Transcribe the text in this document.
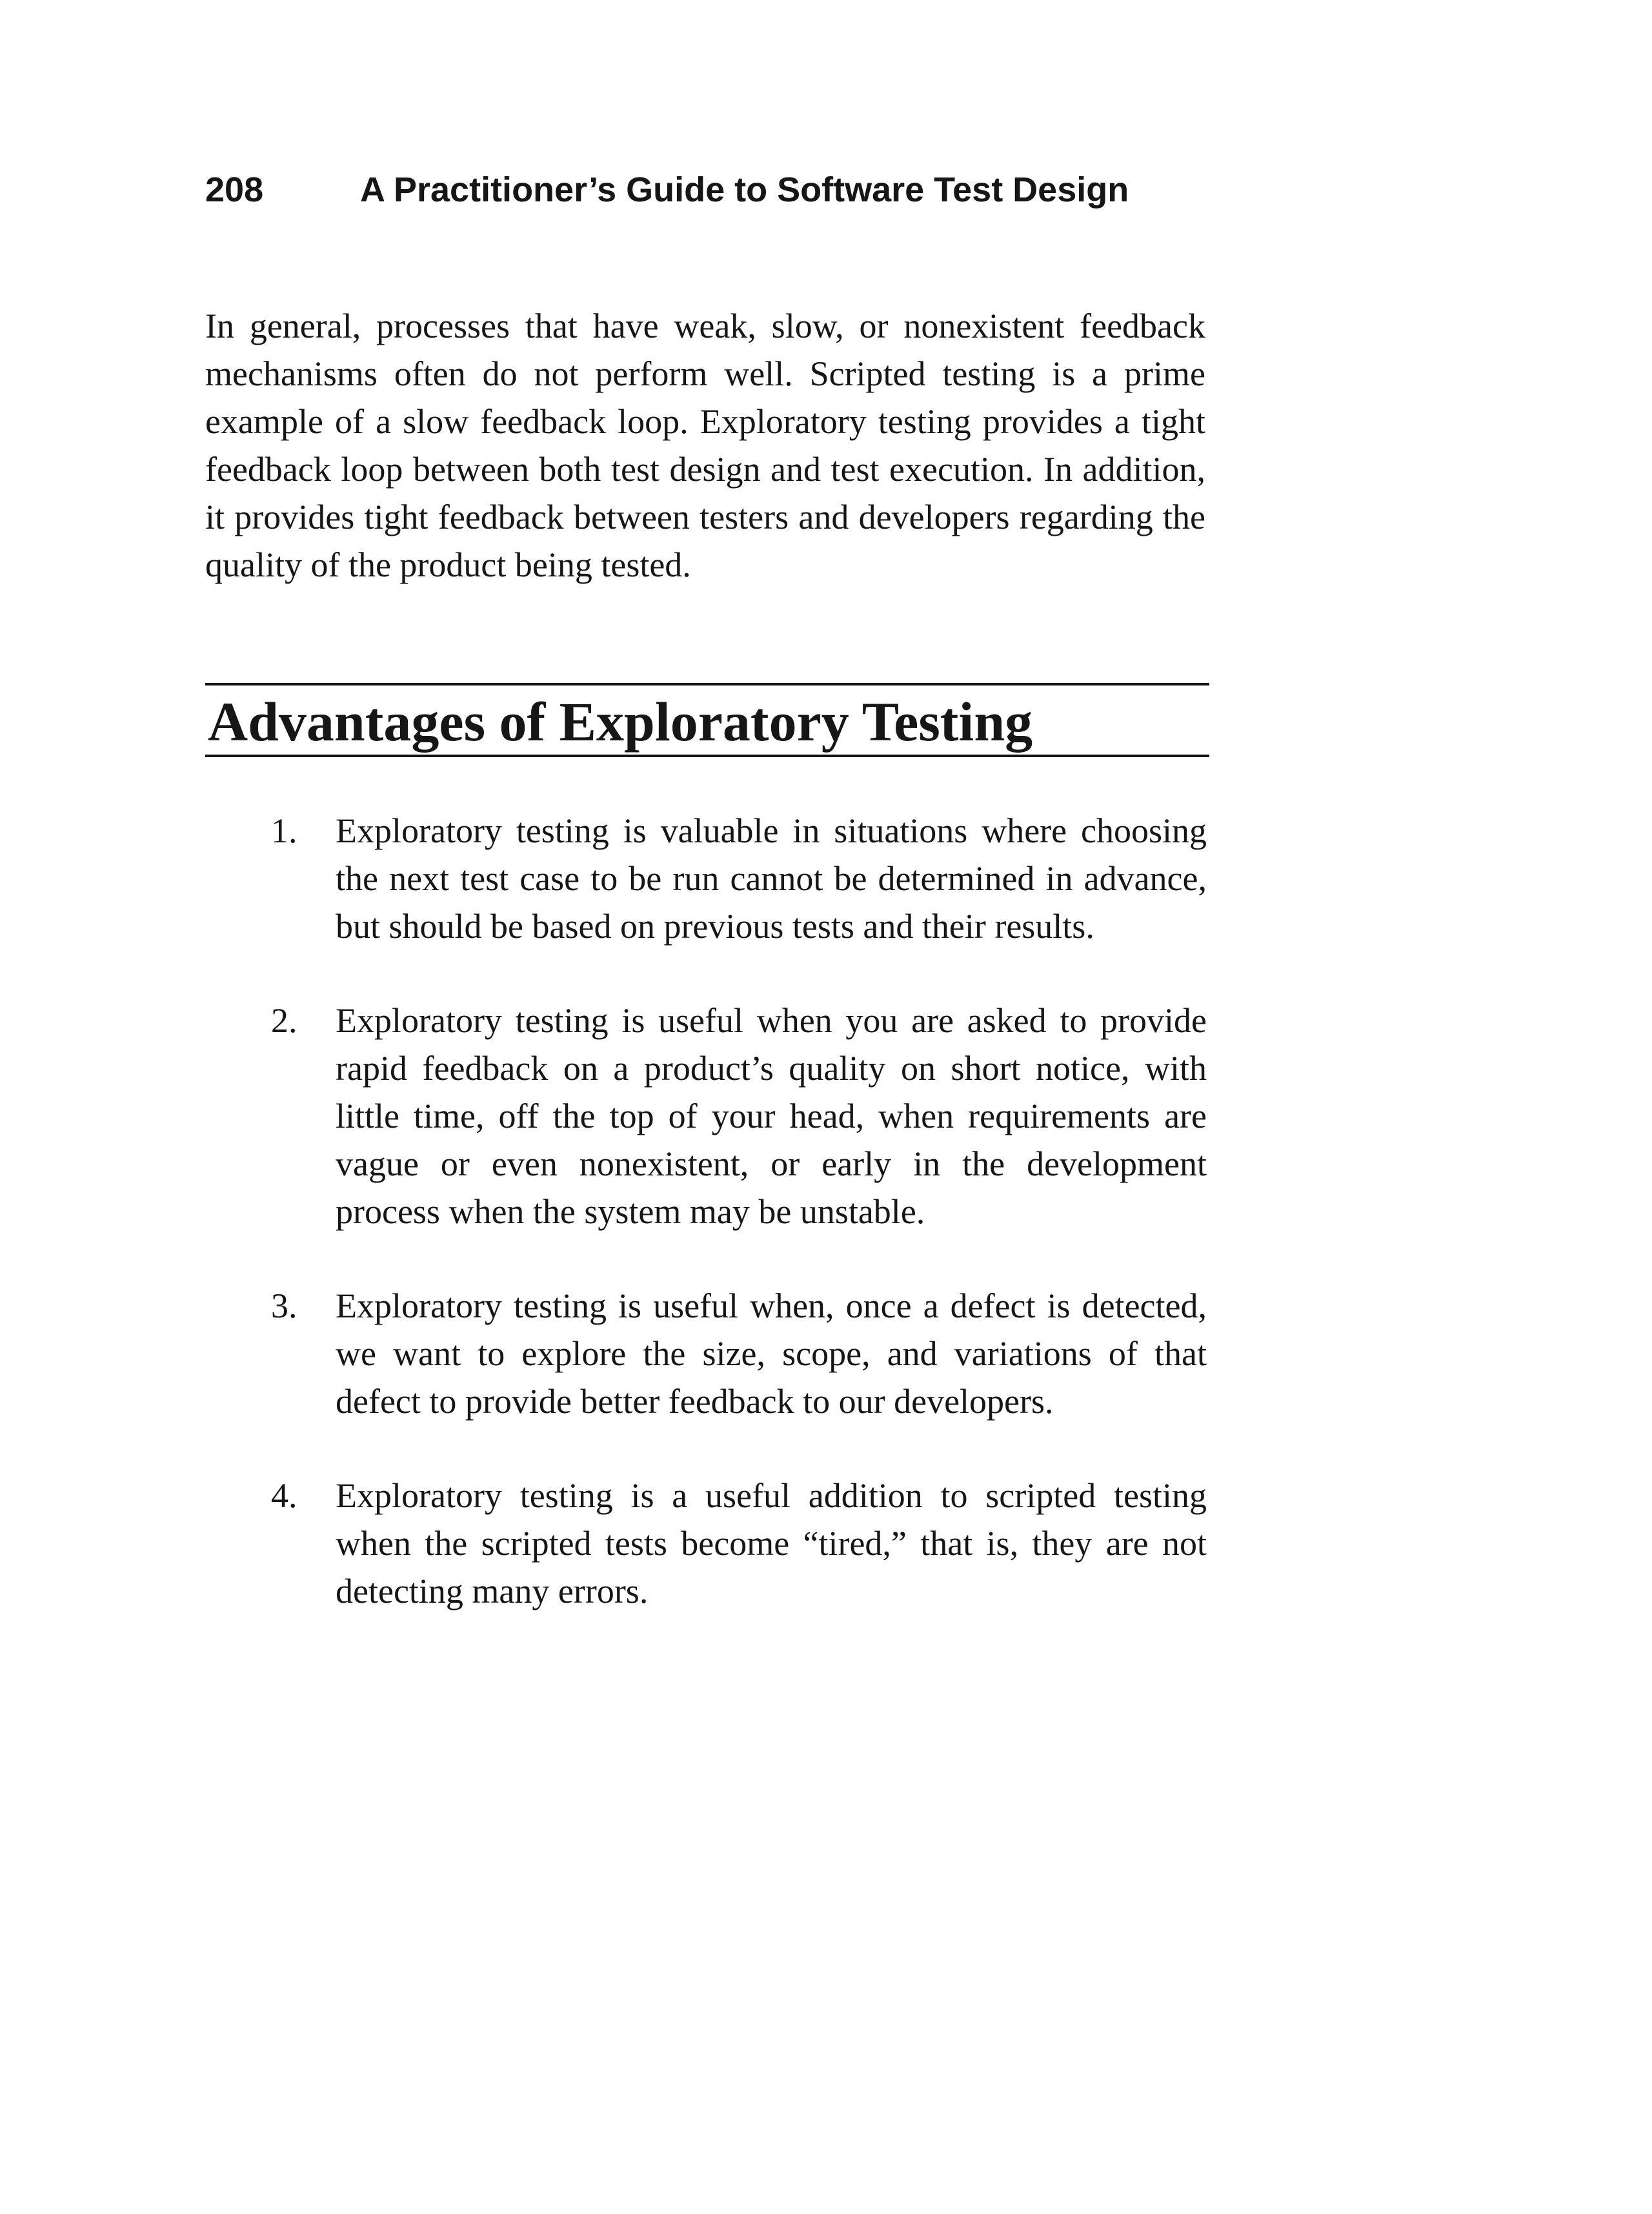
208	A Practitioner’s Guide to Software Test Design

In general, processes that have weak, slow, or nonexistent feedback mechanisms often do not perform well. Scripted testing is a prime example of a slow feedback loop. Exploratory testing provides a tight feedback loop between both test design and test execution. In addition, it provides tight feedback between testers and developers regarding the quality of the product being tested.

Advantages of Exploratory Testing
1. Exploratory testing is valuable in situations where choosing the next test case to be run cannot be determined in advance, but should be based on previous tests and their results.

2. Exploratory testing is useful when you are asked to provide rapid feedback on a product’s quality on short notice, with little time, off the top of your head, when requirements are vague or even nonexistent, or early in the development process when the system may be unstable.

3. Exploratory testing is useful when, once a defect is detected, we want to explore the size, scope, and variations of that defect to provide better feedback to our developers.

4. Exploratory testing is a useful addition to scripted testing when the scripted tests become “tired,” that is, they are not detecting many errors.
